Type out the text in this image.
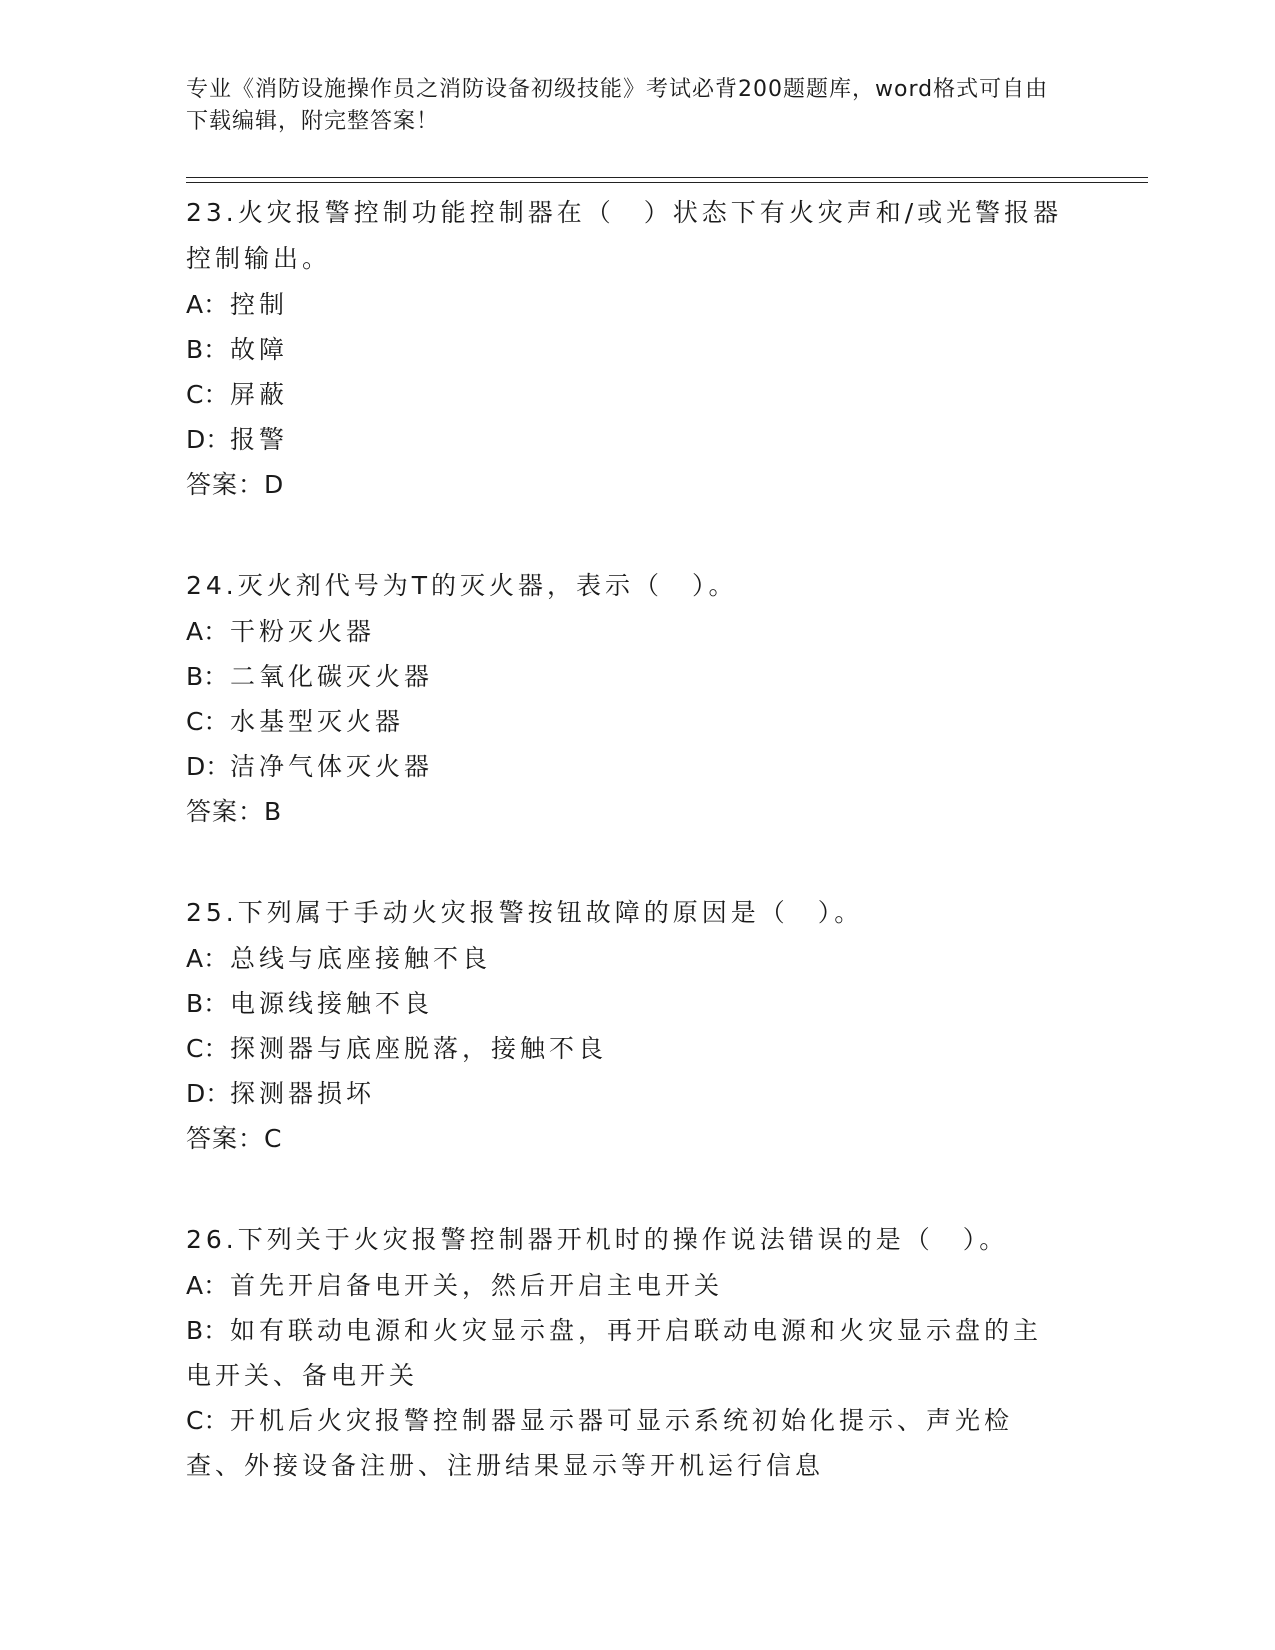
专业《消防设施操作员之消防设备初级技能》考试必背200题题库，word格式可自由下载编辑，附完整答案！
23.火灾报警控制功能控制器在（　）状态下有火灾声和/或光警报器控制输出。
A：控制
B：故障
C：屏蔽
D：报警
答案：D
24.灭火剂代号为T的灭火器，表示（　）。
A：干粉灭火器
B：二氧化碳灭火器
C：水基型灭火器
D：洁净气体灭火器
答案：B
25.下列属于手动火灾报警按钮故障的原因是（　）。
A：总线与底座接触不良
B：电源线接触不良
C：探测器与底座脱落，接触不良
D：探测器损坏
答案：C
26.下列关于火灾报警控制器开机时的操作说法错误的是（　）。
A：首先开启备电开关，然后开启主电开关
B：如有联动电源和火灾显示盘，再开启联动电源和火灾显示盘的主电开关、备电开关
C：开机后火灾报警控制器显示器可显示系统初始化提示、声光检查、外接设备注册、注册结果显示等开机运行信息
